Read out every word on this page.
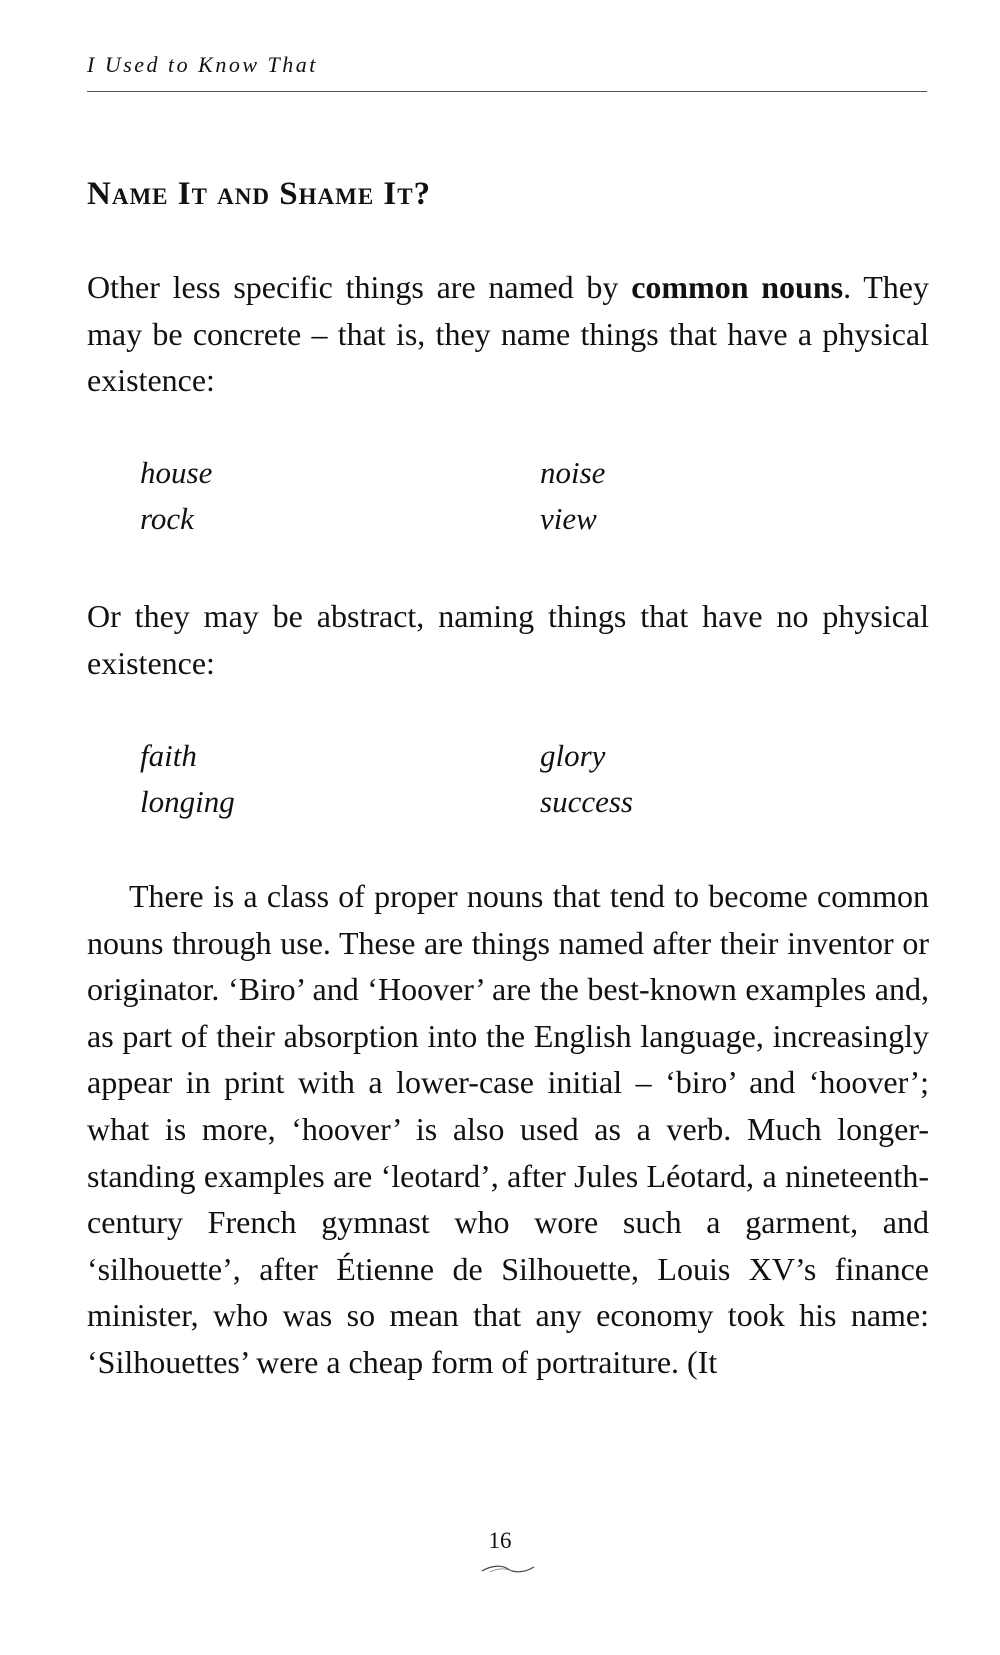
I Used to Know That
Name It and Shame It?

Other less specific things are named by common nouns. They may be concrete – that is, they name things that have a physical existence:

house	noise
rock	view

Or they may be abstract, naming things that have no physical existence:

faith	glory
longing	success

There is a class of proper nouns that tend to become common nouns through use. These are things named after their inventor or originator. ‘Biro’ and ‘Hoover’ are the best-known examples and, as part of their absorption into the English language, increasingly appear in print with a lower-case initial – ‘biro’ and ‘hoover’; what is more, ‘hoover’ is also used as a verb. Much longer-standing examples are ‘leotard’, after Jules Léotard, a nineteenth-century French gymnast who wore such a garment, and ‘silhouette’, after Étienne de Silhouette, Louis XV’s finance minister, who was so mean that any economy took his name: ‘Silhouettes’ were a cheap form of portraiture. (It

16
